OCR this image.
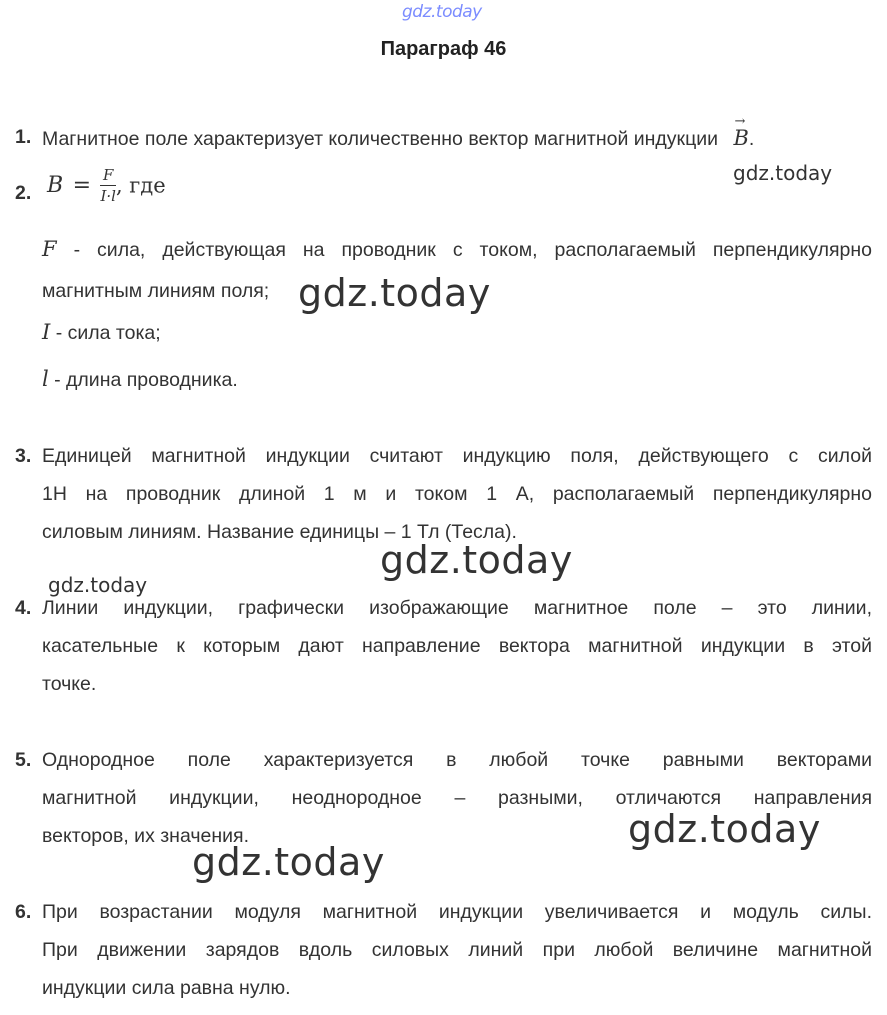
gdz.today
Параграф 46
1. Магнитное поле характеризует количественно вектор магнитной индукции → B.
2. $B = \frac{F}{I\cdot l}$ , где
F - сила, действующая на проводник с током, располагаемый перпендикулярно
магнитным линиям поля;
I - сила тока;
l - длина проводника.
3. Единицей магнитной индукции считают индукцию поля, действующего с силой
1Н на проводник длиной 1 м и током 1 А, располагаемый перпендикулярно
силовым линиям. Название единицы – 1 Тл (Тесла).
4. Линии индукции, графически изображающие магнитное поле – это линии,
касательные к которым дают направление вектора магнитной индукции в этой
точке.
5. Однородное поле характеризуется в любой точке равными векторами
магнитной индукции, неоднородное – разными, отличаются направления
векторов, их значения.
6. При возрастании модуля магнитной индукции увеличивается и модуль силы.
При движении зарядов вдоль силовых линий при любой величине магнитной
индукции сила равна нулю.
gdz.today
gdz.today
gdz.today
gdz.today
gdz.today
gdz.today
